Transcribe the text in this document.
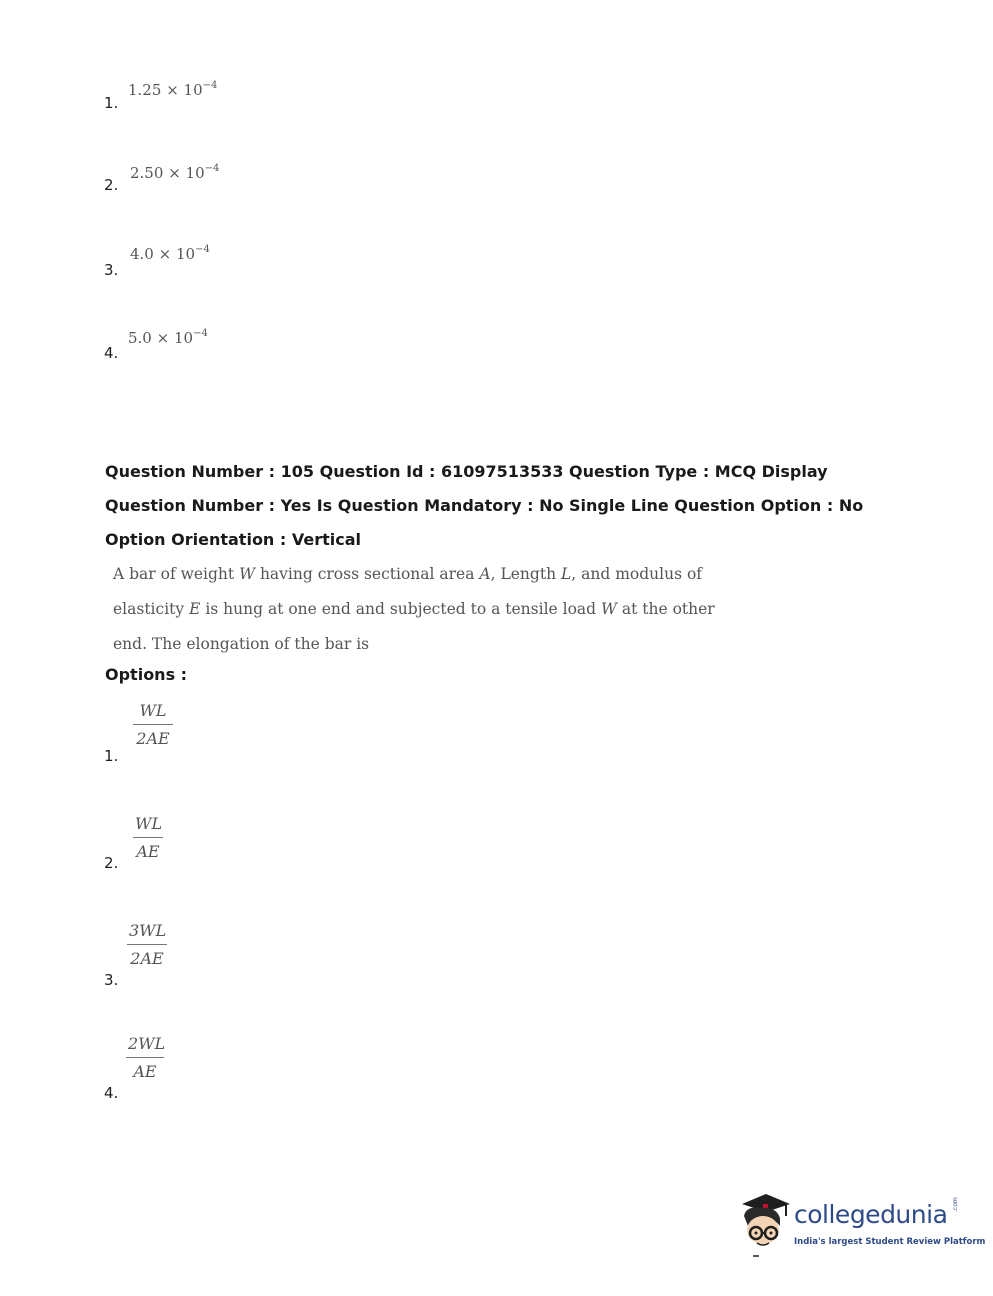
$1.25 \times 10^{-4}$
1.
$2.50 \times 10^{-4}$
2.
$4.0 \times 10^{-4}$
3.
$5.0 \times 10^{-4}$
4.
Question Number : 105 Question Id : 61097513533 Question Type : MCQ Display Question Number : Yes Is Question Mandatory : No Single Line Question Option : No Option Orientation : Vertical
A bar of weight W having cross sectional area A, Length L, and modulus of elasticity E is hung at one end and subjected to a tensile load W at the other end. The elongation of the bar is
Options :
$\frac{WL}{2AE}$
1.
$\frac{WL}{AE}$
2.
$\frac{3WL}{2AE}$
3.
$\frac{2WL}{AE}$
4.
collegedunia .com
India's largest Student Review Platform
